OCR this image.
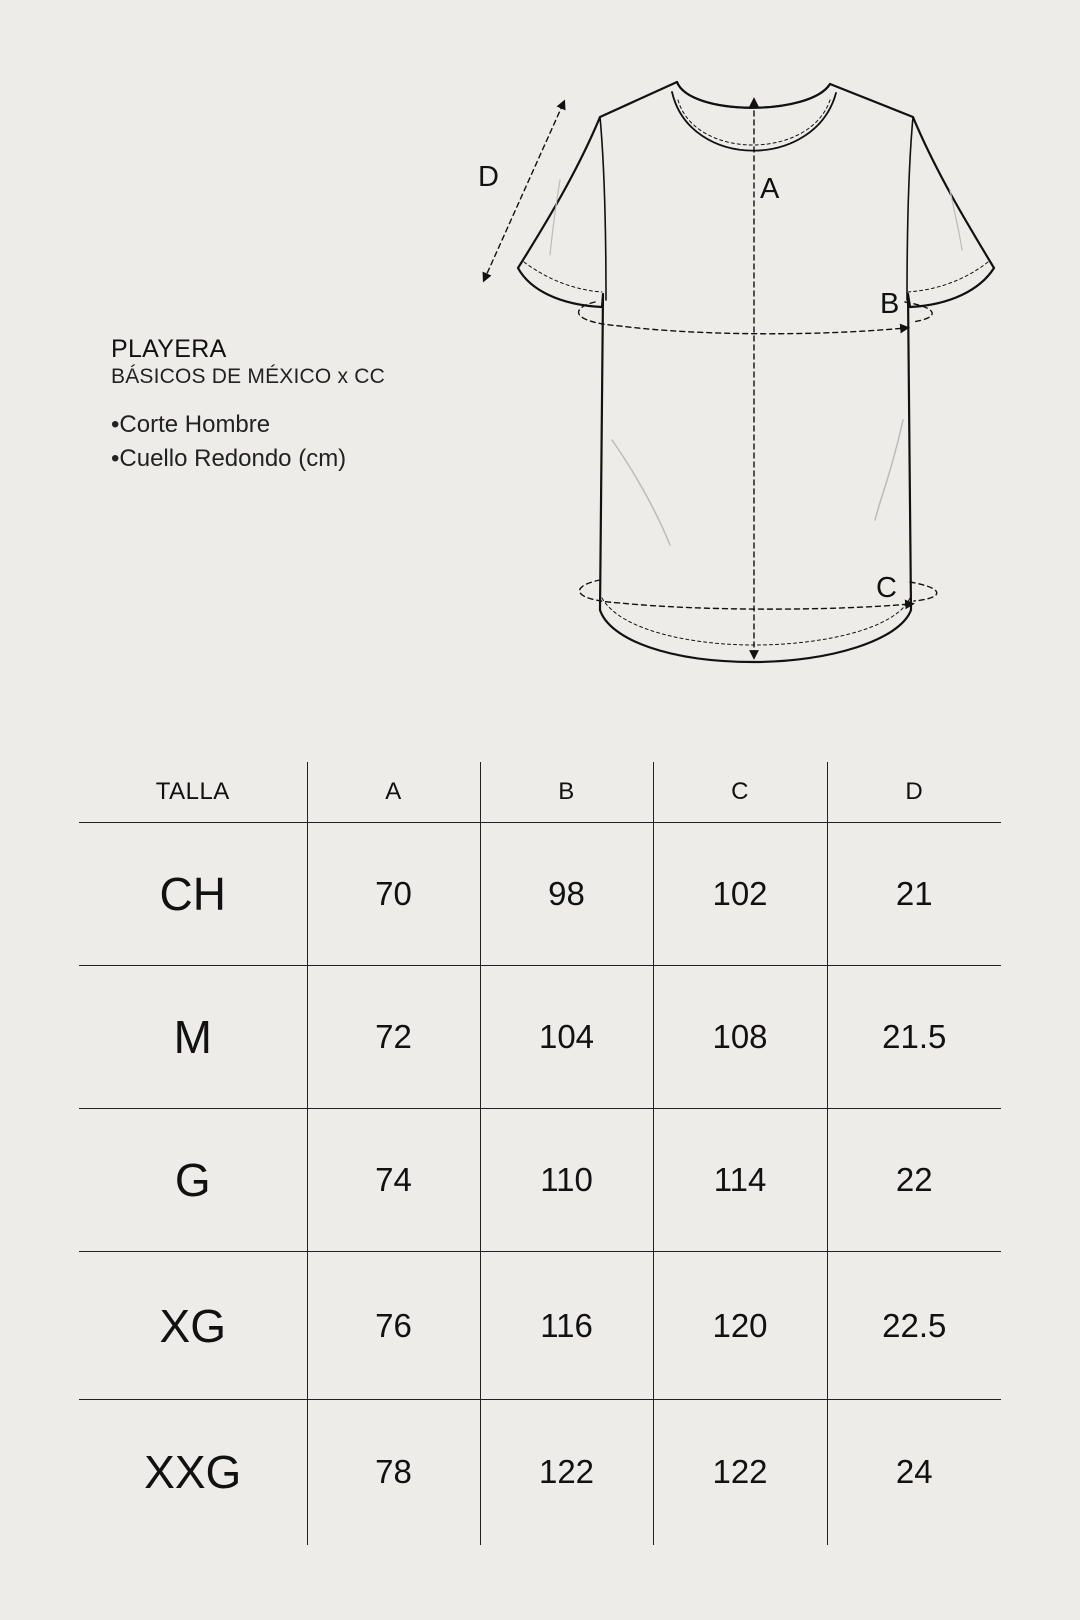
PLAYERA
BÁSICOS DE MÉXICO x CC
•Corte Hombre
•Cuello Redondo (cm)
A
B
C
D
TALLA	A	B	C	D
CH	70	98	102	21
M	72	104	108	21.5
G	74	110	114	22
XG	76	116	120	22.5
XXG	78	122	122	24
